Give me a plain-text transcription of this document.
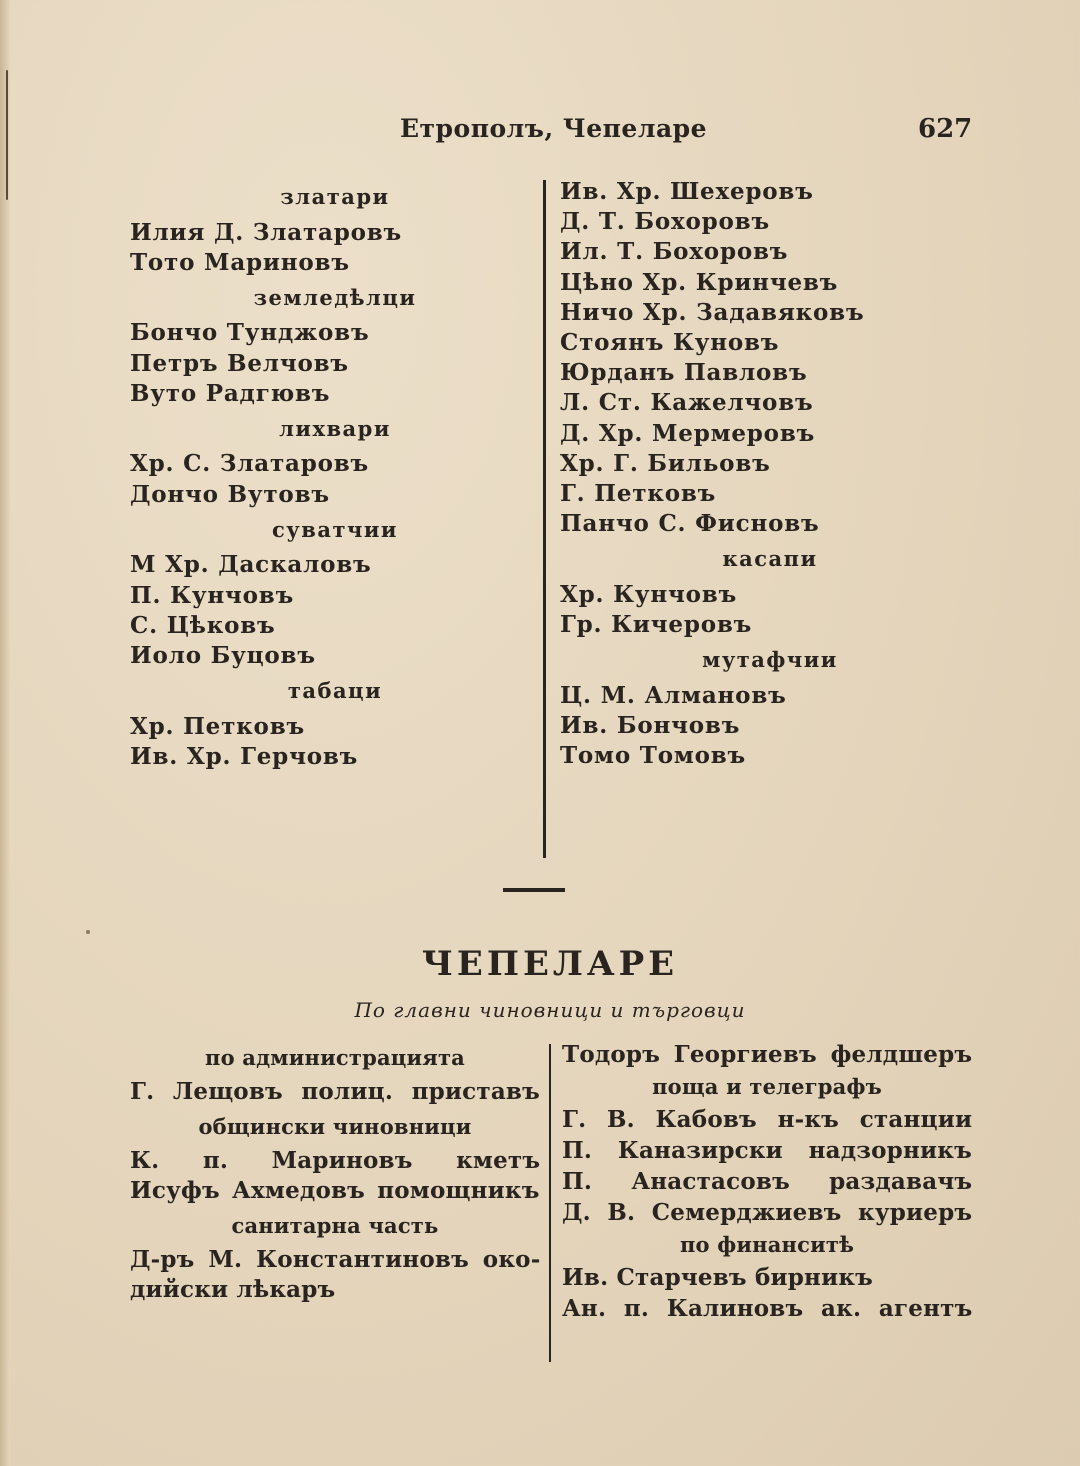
Етрополъ, Чепеларе	627
златари
Илия Д. Златаровъ
Тото Мариновъ
земледѣлци
Бончо Тунджовъ
Петръ Велчовъ
Вуто Радгювъ
лихвари
Хр. С. Златаровъ
Дончо Вутовъ
суватчии
М Хр. Даскаловъ
П. Кунчовъ
С. Цѣковъ
Иоло Буцовъ
табаци
Хр. Петковъ
Ив. Хр. Герчовъ
Ив. Хр. Шехеровъ
Д. Т. Бохоровъ
Ил. Т. Бохоровъ
Цѣно Хр. Кринчевъ
Ничо Хр. Задавяковъ
Стоянъ Куновъ
Юрданъ Павловъ
Л. Ст. Кажелчовъ
Д. Хр. Мермеровъ
Хр. Г. Бильовъ
Г. Петковъ
Панчо С. Фисновъ
касапи
Хр. Кунчовъ
Гр. Кичеровъ
мутафчии
Ц. М. Алмановъ
Ив. Бончовъ
Томо Томовъ
ЧЕПЕЛАРЕ
По главни чиновници и търговци
по администрацията
Г. Лещовъ полиц. приставъ
общински чиновници
К. п. Мариновъ кметъ
Исуфъ Ахмедовъ помощникъ
санитарна часть
Д-ръ М. Константиновъ око-
дийски лѣкаръ
Тодоръ Георгиевъ фелдшеръ
поща и телеграфъ
Г. В. Кабовъ н-къ станции
П. Каназирски надзорникъ
П. Анастасовъ раздавачъ
Д. В. Семерджиевъ куриеръ
по финанситѣ
Ив. Старчевъ бирникъ
Ан. п. Калиновъ ак. агентъ
